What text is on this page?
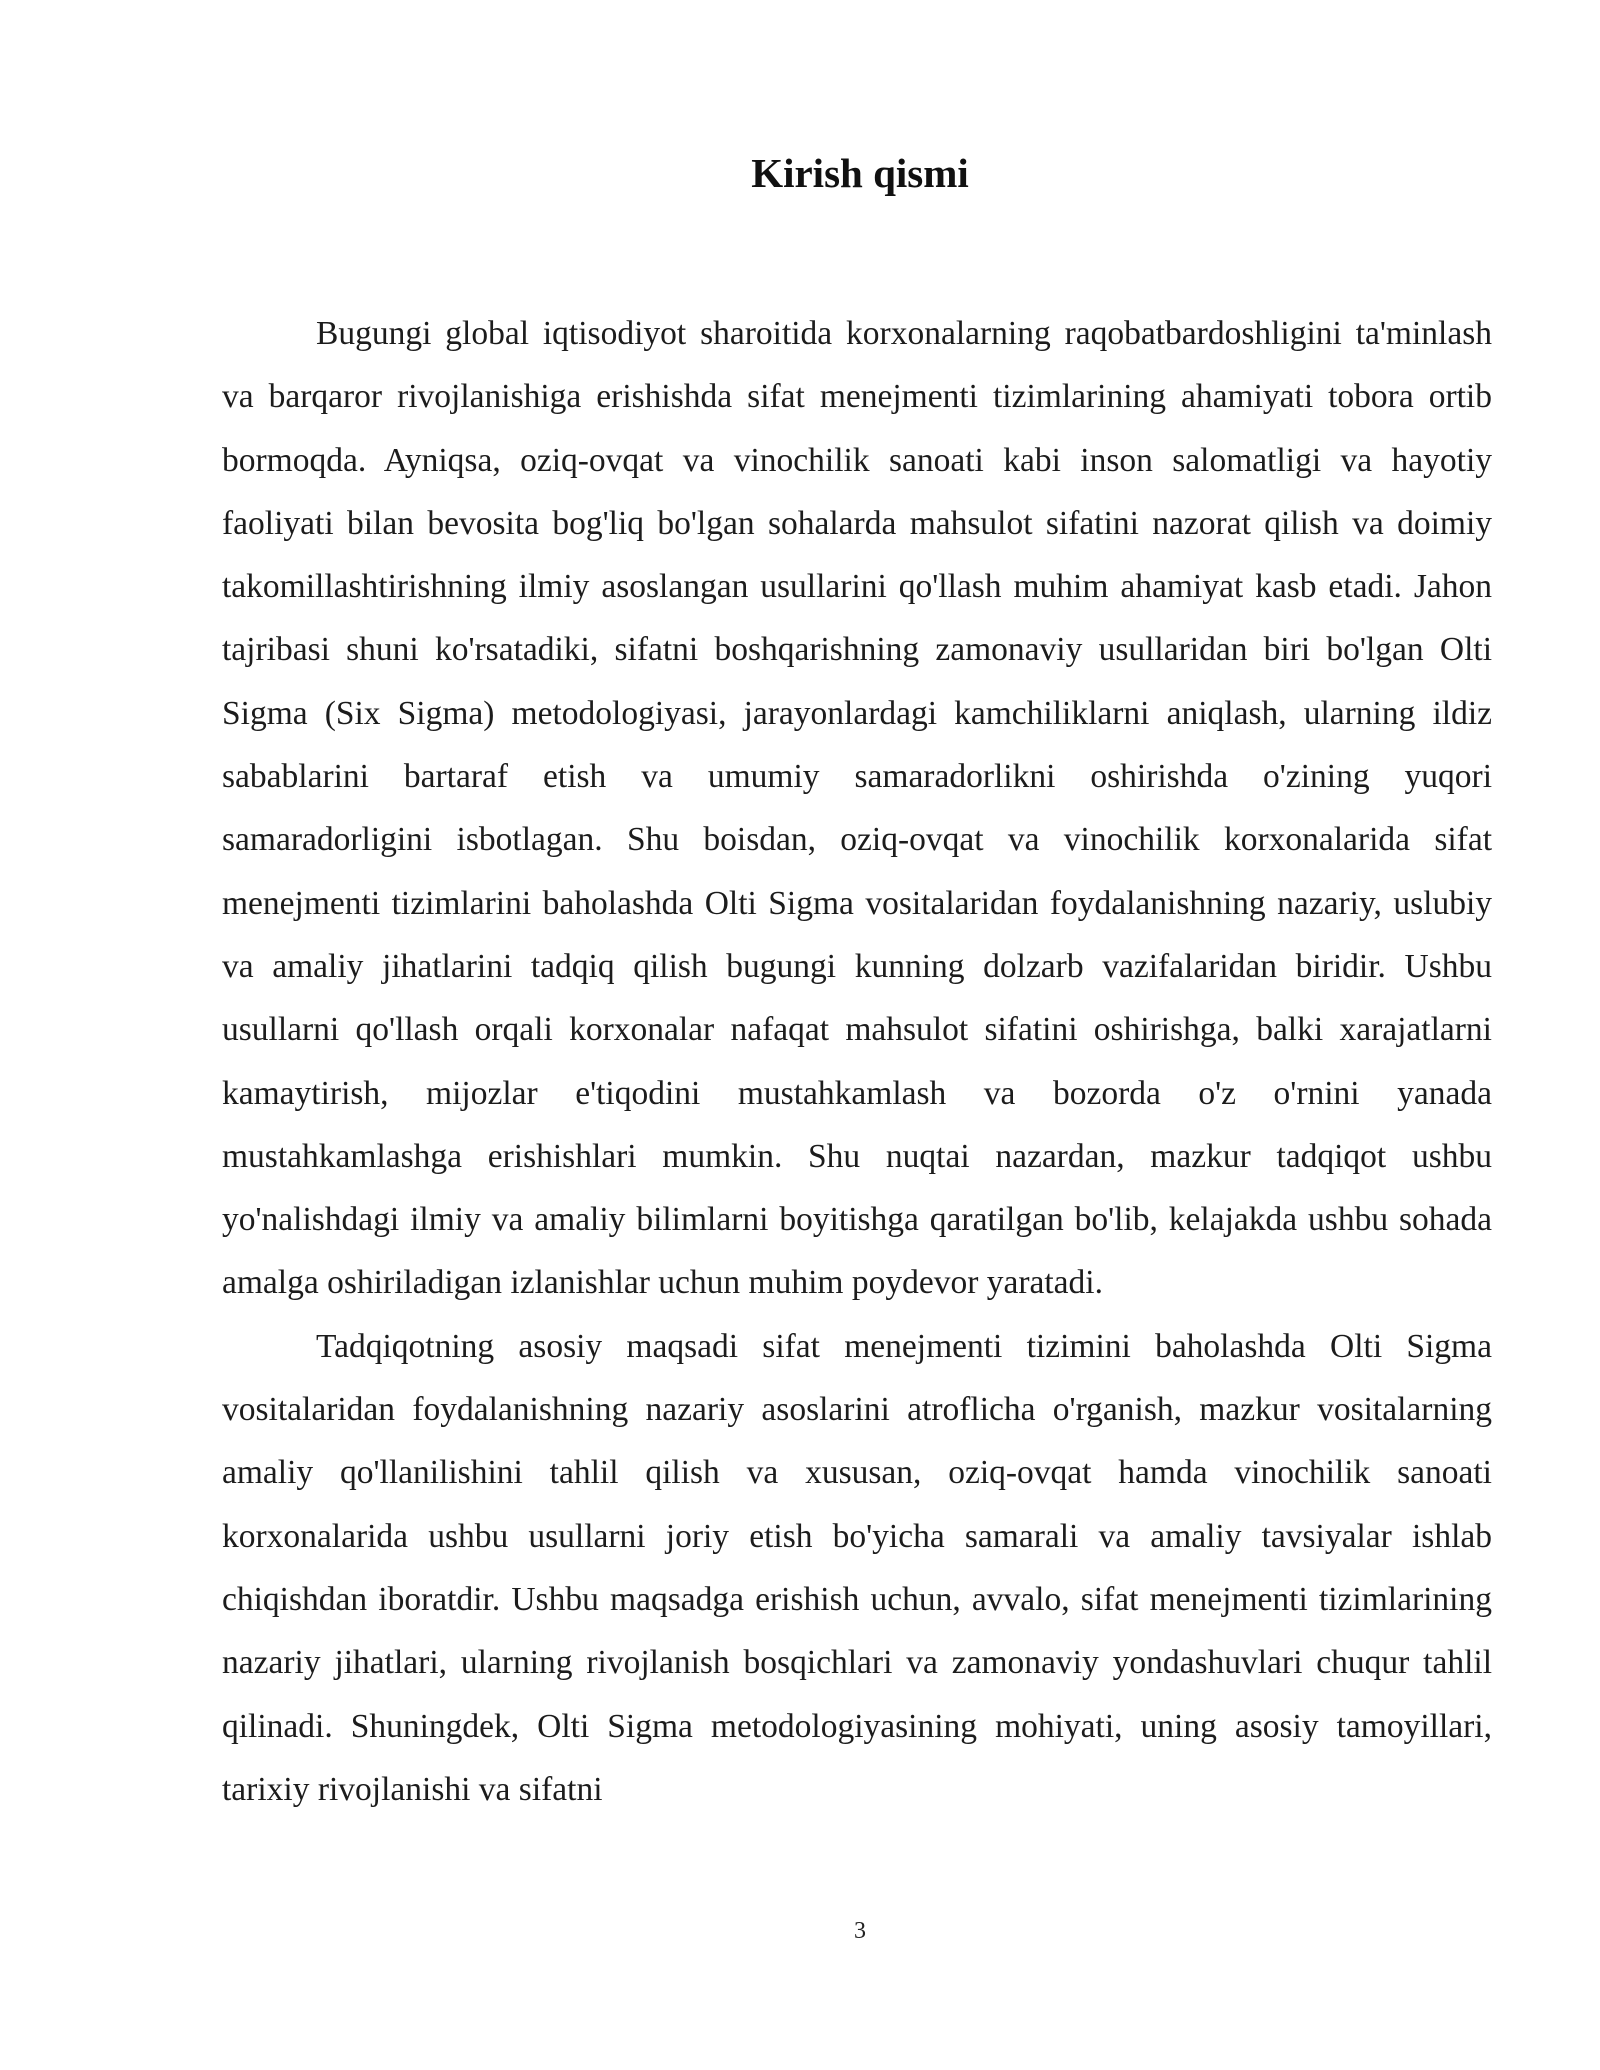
Kirish qismi

Bugungi global iqtisodiyot sharoitida korxonalarning raqobatbardoshligini ta'minlash va barqaror rivojlanishiga erishishda sifat menejmenti tizimlarining ahamiyati tobora ortib bormoqda. Ayniqsa, oziq-ovqat va vinochilik sanoati kabi inson salomatligi va hayotiy faoliyati bilan bevosita bog'liq bo'lgan sohalarda mahsulot sifatini nazorat qilish va doimiy takomillashtirishning ilmiy asoslangan usullarini qo'llash muhim ahamiyat kasb etadi. Jahon tajribasi shuni ko'rsatadiki, sifatni boshqarishning zamonaviy usullaridan biri bo'lgan Olti Sigma (Six Sigma) metodologiyasi, jarayonlardagi kamchiliklarni aniqlash, ularning ildiz sabablarini bartaraf etish va umumiy samaradorlikni oshirishda o'zining yuqori samaradorligini isbotlagan. Shu boisdan, oziq-ovqat va vinochilik korxonalarida sifat menejmenti tizimlarini baholashda Olti Sigma vositalaridan foydalanishning nazariy, uslubiy va amaliy jihatlarini tadqiq qilish bugungi kunning dolzarb vazifalaridan biridir. Ushbu usullarni qo'llash orqali korxonalar nafaqat mahsulot sifatini oshirishga, balki xarajatlarni kamaytirish, mijozlar e'tiqodini mustahkamlash va bozorda o'z o'rnini yanada mustahkamlashga erishishlari mumkin. Shu nuqtai nazardan, mazkur tadqiqot ushbu yo'nalishdagi ilmiy va amaliy bilimlarni boyitishga qaratilgan bo'lib, kelajakda ushbu sohada amalga oshiriladigan izlanishlar uchun muhim poydevor yaratadi.

Tadqiqotning asosiy maqsadi sifat menejmenti tizimini baholashda Olti Sigma vositalaridan foydalanishning nazariy asoslarini atroflicha o'rganish, mazkur vositalarning amaliy qo'llanilishini tahlil qilish va xususan, oziq-ovqat hamda vinochilik sanoati korxonalarida ushbu usullarni joriy etish bo'yicha samarali va amaliy tavsiyalar ishlab chiqishdan iboratdir. Ushbu maqsadga erishish uchun, avvalo, sifat menejmenti tizimlarining nazariy jihatlari, ularning rivojlanish bosqichlari va zamonaviy yondashuvlari chuqur tahlil qilinadi. Shuningdek, Olti Sigma metodologiyasining mohiyati, uning asosiy tamoyillari, tarixiy rivojlanishi va sifatni

3
